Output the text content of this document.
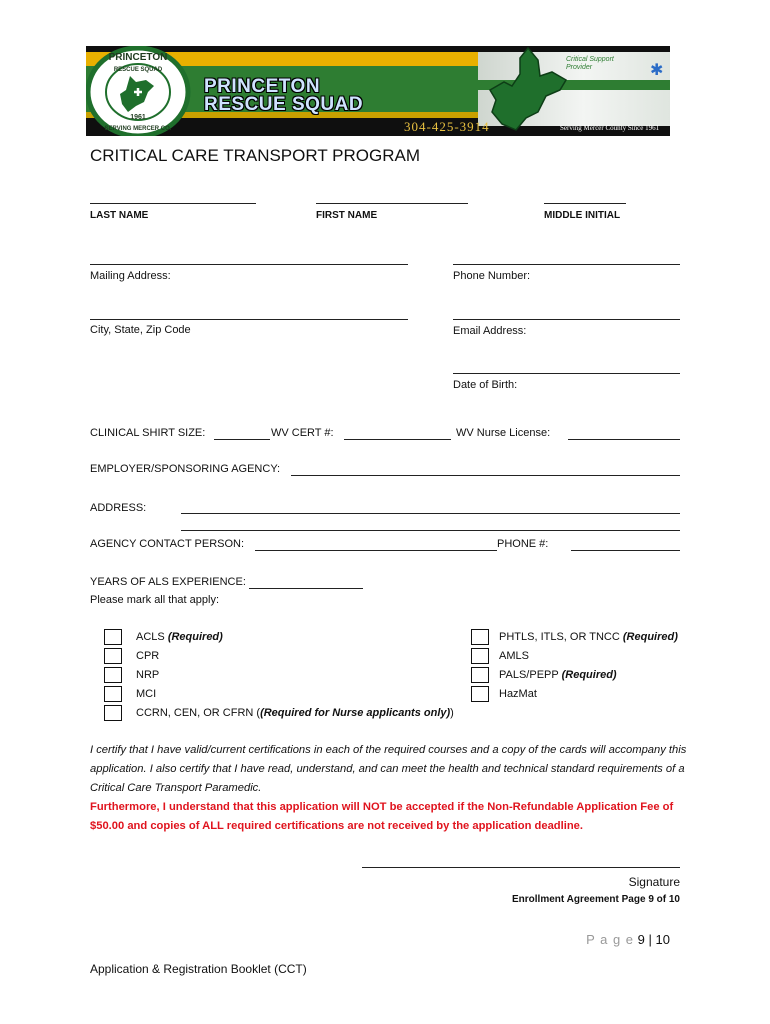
Critical Support Provider	✱
PRINCETON
RESCUE SQUAD
1961
SERVING MERCER CO.
PRINCETON
RESCUE SQUAD
304-425-3914	Serving Mercer County Since 1961
CRITICAL CARE TRANSPORT PROGRAM
LAST NAME	FIRST NAME	MIDDLE INITIAL
Mailing Address:	Phone Number:
City, State, Zip Code	Email Address:
Date of Birth:
CLINICAL SHIRT SIZE:	WV CERT #:	WV Nurse License:
EMPLOYER/SPONSORING AGENCY:
ADDRESS:
AGENCY CONTACT PERSON:	PHONE #:
YEARS OF ALS EXPERIENCE:
Please mark all that apply:
ACLS (Required)
CPR
NRP
MCI
CCRN, CEN, OR CFRN ((Required for Nurse applicants only))
PHTLS, ITLS, OR TNCC (Required)
AMLS
PALS/PEPP (Required)
HazMat
I certify that I have valid/current certifications in each of the required courses and a copy of the cards will accompany this application. I also certify that I have read, understand, and can meet the health and technical standard requirements of a Critical Care Transport Paramedic.
Furthermore, I understand that this application will NOT be accepted if the Non-Refundable Application Fee of $50.00 and copies of ALL required certifications are not received by the application deadline.
Signature
Enrollment Agreement Page 9 of 10
P a g e 9 | 10
Application & Registration Booklet (CCT)
